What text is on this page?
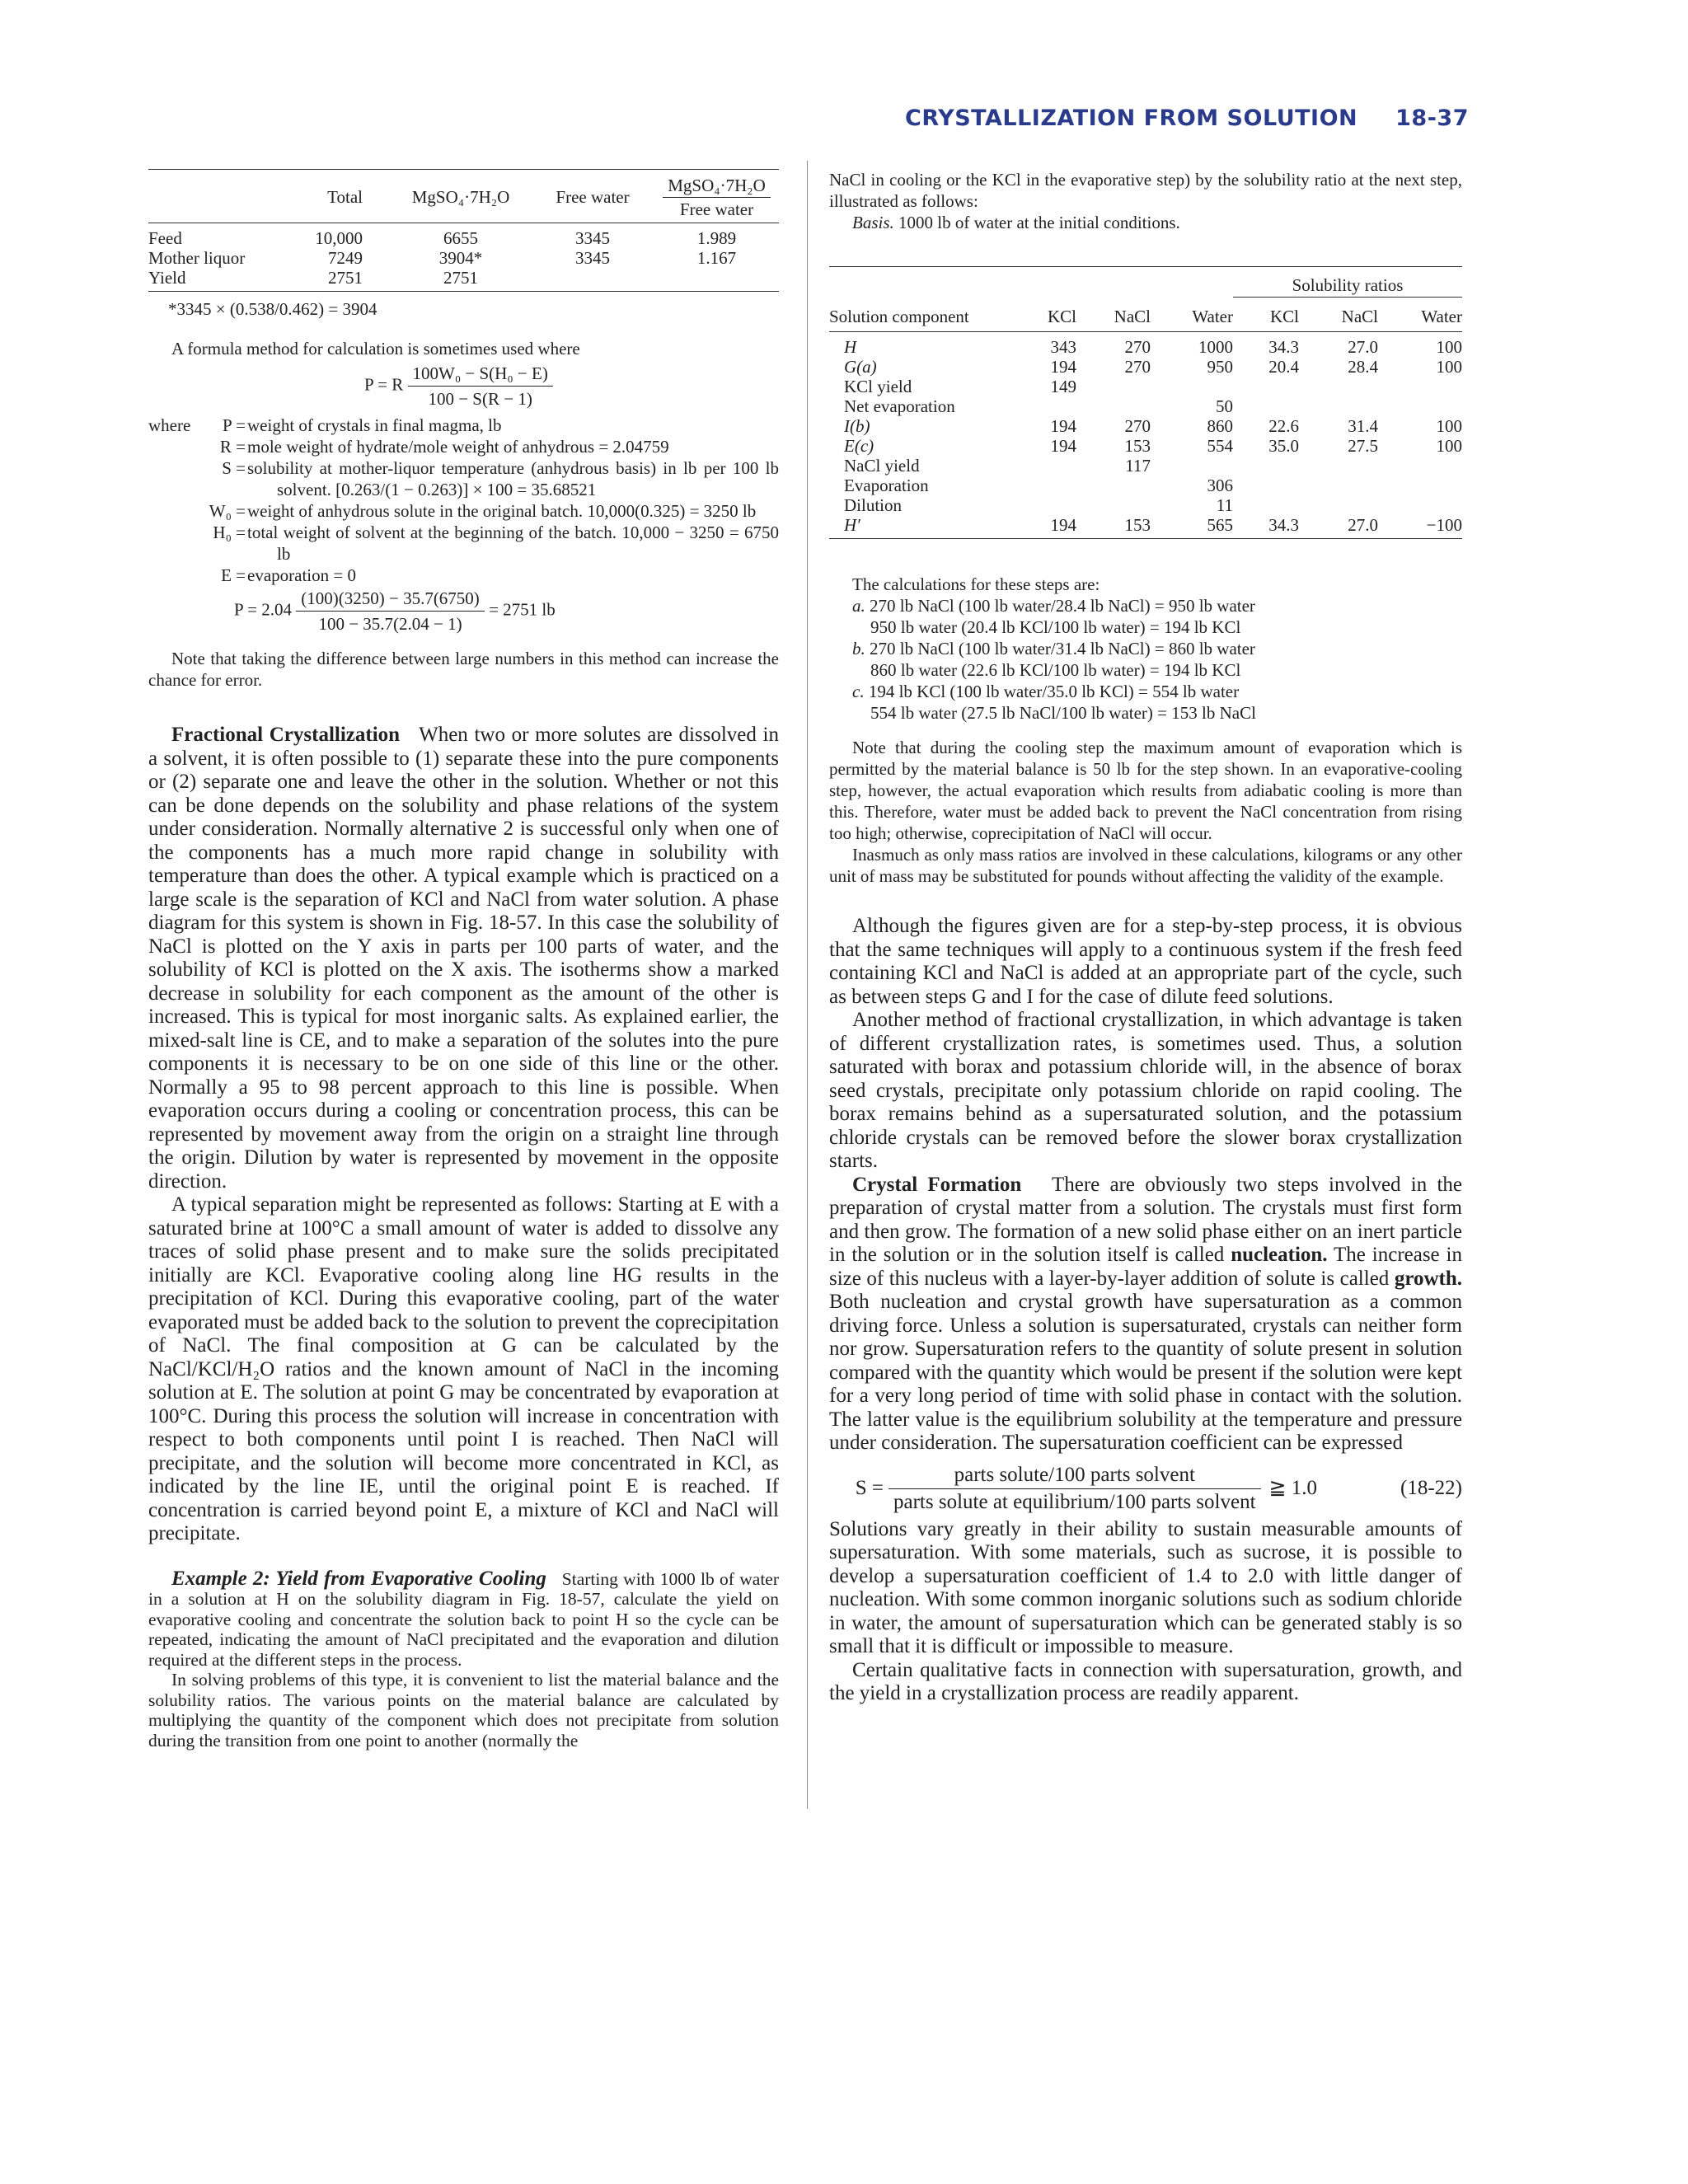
CRYSTALLIZATION FROM SOLUTION 18-37
	Total	MgSO₄·7H₂O	Free water	$\frac{\text{MgSO₄·7H₂O}}{\text{Free water}}$
Feed	10,000	6655	3345	1.989
Mother liquor	7249	3904*	3345	1.167
Yield	2751	2751		
*3345 × (0.538/0.462) = 3904
A formula method for calculation is sometimes used where
P = R $\frac{\text{100W₀ − S(H₀ − E)}}{100 - S(R - 1)}$
where	P = weight of crystals in final magma, lb
R = mole weight of hydrate/mole weight of anhydrous = 2.04759
S = solubility at mother-liquor temperature (anhydrous basis) in lb per 100 lb solvent. [0.263/(1 − 0.263)] × 100 = 35.68521
W₀ = weight of anhydrous solute in the original batch. 10,000(0.325) = 3250 lb
H₀ = total weight of solvent at the beginning of the batch. 10,000 − 3250 = 6750 lb
E = evaporation = 0
$P = 2.04 \frac{(100)(3250) - 35.7(6750)}{100 - 35.7(2.04 - 1)} = 2751$ lb

Note that taking the difference between large numbers in this method can increase the chance for error.

Fractional Crystallization When two or more solutes are dissolved in a solvent, it is often possible to (1) separate these into the pure components or (2) separate one and leave the other in the solution. Whether or not this can be done depends on the solubility and phase relations of the system under consideration. Normally alternative 2 is successful only when one of the components has a much more rapid change in solubility with temperature than does the other. A typical example which is practiced on a large scale is the separation of KCl and NaCl from water solution. A phase diagram for this system is shown in Fig. 18-57. In this case the solubility of NaCl is plotted on the Y axis in parts per 100 parts of water, and the solubility of KCl is plotted on the X axis. The isotherms show a marked decrease in solubility for each component as the amount of the other is increased. This is typical for most inorganic salts. As explained earlier, the mixed-salt line is CE, and to make a separation of the solutes into the pure components it is necessary to be on one side of this line or the other. Normally a 95 to 98 percent approach to this line is possible. When evaporation occurs during a cooling or concentration process, this can be represented by movement away from the origin on a straight line through the origin. Dilution by water is represented by movement in the opposite direction.

A typical separation might be represented as follows: Starting at E with a saturated brine at 100°C a small amount of water is added to dissolve any traces of solid phase present and to make sure the solids precipitated initially are KCl. Evaporative cooling along line HG results in the precipitation of KCl. During this evaporative cooling, part of the water evaporated must be added back to the solution to prevent the coprecipitation of NaCl. The final composition at G can be calculated by the NaCl/KCl/H₂O ratios and the known amount of NaCl in the incoming solution at E. The solution at point G may be concentrated by evaporation at 100°C. During this process the solution will increase in concentration with respect to both components until point I is reached. Then NaCl will precipitate, and the solution will become more concentrated in KCl, as indicated by the line IE, until the original point E is reached. If concentration is carried beyond point E, a mixture of KCl and NaCl will precipitate.

Example 2: Yield from Evaporative Cooling Starting with 1000 lb of water in a solution at H on the solubility diagram in Fig. 18-57, calculate the yield on evaporative cooling and concentrate the solution back to point H so the cycle can be repeated, indicating the amount of NaCl precipitated and the evaporation and dilution required at the different steps in the process.

In solving problems of this type, it is convenient to list the material balance and the solubility ratios. The various points on the material balance are calculated by multiplying the quantity of the component which does not precipitate from solution during the transition from one point to another (normally the

NaCl in cooling or the KCl in the evaporative step) by the solubility ratio at the next step, illustrated as follows:

Basis. 1000 lb of water at the initial conditions.

				Solubility ratios		
Solution component	KCl	NaCl	Water	KCl	NaCl	Water
H	343	270	1000	34.3	27.0	100
G(a)	194	270	950	20.4	28.4	100
KCl yield	149					
Net evaporation			50			
I(b)	194	270	860	22.6	31.4	100
E(c)	194	153	554	35.0	27.5	100
NaCl yield		117				
Evaporation			306			
Dilution			11			
H′	194	153	565	34.3	27.0	−100

The calculations for these steps are:

a. 270 lb NaCl (100 lb water/28.4 lb NaCl) = 950 lb water
950 lb water (20.4 lb KCl/100 lb water) = 194 lb KCl
b. 270 lb NaCl (100 lb water/31.4 lb NaCl) = 860 lb water
860 lb water (22.6 lb KCl/100 lb water) = 194 lb KCl
c. 194 lb KCl (100 lb water/35.0 lb KCl) = 554 lb water
554 lb water (27.5 lb NaCl/100 lb water) = 153 lb NaCl

Note that during the cooling step the maximum amount of evaporation which is permitted by the material balance is 50 lb for the step shown. In an evaporative-cooling step, however, the actual evaporation which results from adiabatic cooling is more than this. Therefore, water must be added back to prevent the NaCl concentration from rising too high; otherwise, coprecipitation of NaCl will occur.

Inasmuch as only mass ratios are involved in these calculations, kilograms or any other unit of mass may be substituted for pounds without affecting the validity of the example.

Although the figures given are for a step-by-step process, it is obvious that the same techniques will apply to a continuous system if the fresh feed containing KCl and NaCl is added at an appropriate part of the cycle, such as between steps G and I for the case of dilute feed solutions.

Another method of fractional crystallization, in which advantage is taken of different crystallization rates, is sometimes used. Thus, a solution saturated with borax and potassium chloride will, in the absence of borax seed crystals, precipitate only potassium chloride on rapid cooling. The borax remains behind as a supersaturated solution, and the potassium chloride crystals can be removed before the slower borax crystallization starts.

Crystal Formation There are obviously two steps involved in the preparation of crystal matter from a solution. The crystals must first form and then grow. The formation of a new solid phase either on an inert particle in the solution or in the solution itself is called nucleation. The increase in size of this nucleus with a layer-by-layer addition of solute is called growth. Both nucleation and crystal growth have supersaturation as a common driving force. Unless a solution is supersaturated, crystals can neither form nor grow. Supersaturation refers to the quantity of solute present in solution compared with the quantity which would be present if the solution were kept for a very long period of time with solid phase in contact with the solution. The latter value is the equilibrium solubility at the temperature and pressure under consideration. The supersaturation coefficient can be expressed

$S = \frac{\text{parts solute/100 parts solvent}}{\text{parts solute at equilibrium/100 parts solvent}}$ ≧ 1.0	(18-22)

Solutions vary greatly in their ability to sustain measurable amounts of supersaturation. With some materials, such as sucrose, it is possible to develop a supersaturation coefficient of 1.4 to 2.0 with little danger of nucleation. With some common inorganic solutions such as sodium chloride in water, the amount of supersaturation which can be generated stably is so small that it is difficult or impossible to measure.

Certain qualitative facts in connection with supersaturation, growth, and the yield in a crystallization process are readily apparent.
